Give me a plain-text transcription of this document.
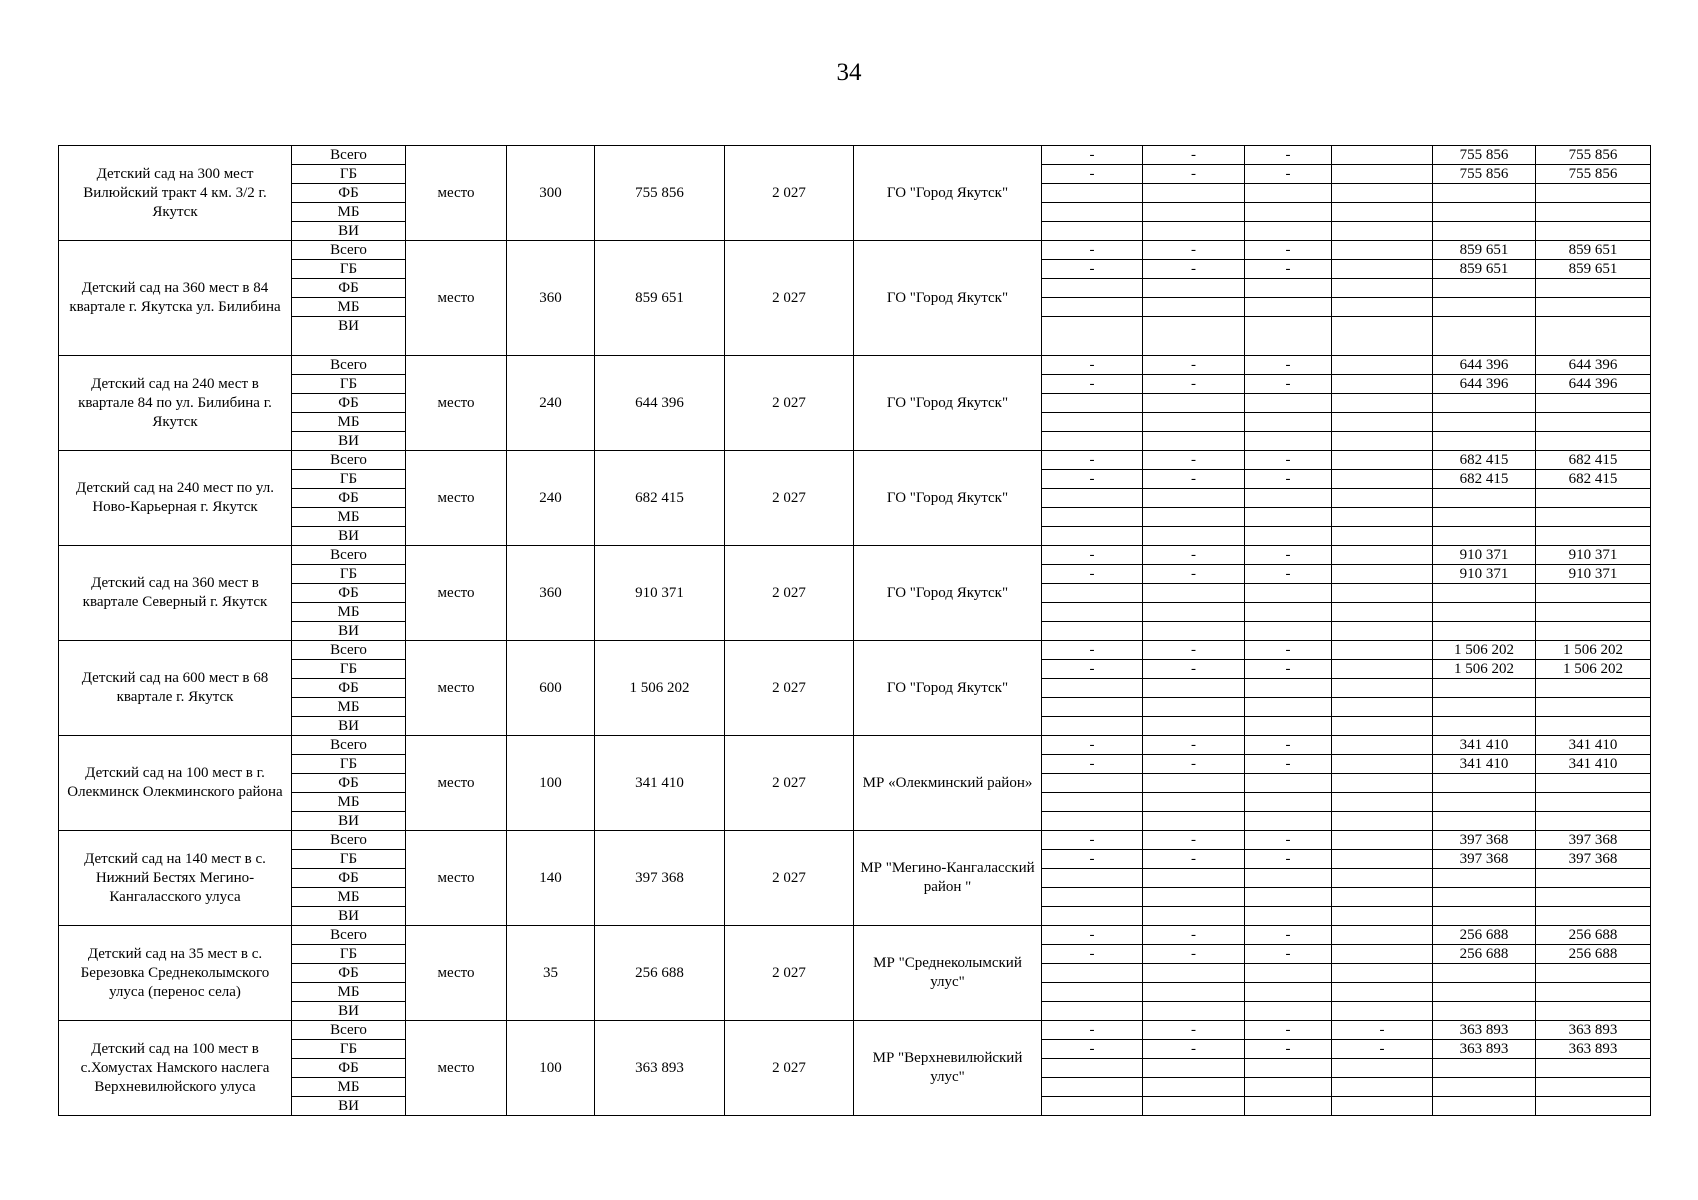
34
Детский сад на 300 мест Вилюйский тракт 4 км. 3/2 г. Якутск	Всего	место	300	755 856	2 027	ГО "Город Якутск"	-	-	-		755 856	755 856
	ГБ						-	-	-		755 856	755 856
	ФБ											
	МБ											
	ВИ											
Детский сад на 360 мест в 84 квартале г. Якутска ул. Билибина	Всего	место	360	859 651	2 027	ГО "Город Якутск"	-	-	-		859 651	859 651
	ГБ						-	-	-		859 651	859 651
	ФБ											
	МБ											
	ВИ											
Детский сад на 240 мест в квартале 84 по ул. Билибина г. Якутск	Всего	место	240	644 396	2 027	ГО "Город Якутск"	-	-	-		644 396	644 396
	ГБ						-	-	-		644 396	644 396
	ФБ											
	МБ											
	ВИ											
Детский сад на 240 мест по ул. Ново-Карьерная г. Якутск	Всего	место	240	682 415	2 027	ГО "Город Якутск"	-	-	-		682 415	682 415
	ГБ						-	-	-		682 415	682 415
	ФБ											
	МБ											
	ВИ											
Детский сад на 360 мест в квартале Северный г. Якутск	Всего	место	360	910 371	2 027	ГО "Город Якутск"	-	-	-		910 371	910 371
	ГБ						-	-	-		910 371	910 371
	ФБ											
	МБ											
	ВИ											
Детский сад на 600 мест в 68 квартале г. Якутск	Всего	место	600	1 506 202	2 027	ГО "Город Якутск"	-	-	-		1 506 202	1 506 202
	ГБ						-	-	-		1 506 202	1 506 202
	ФБ											
	МБ											
	ВИ											
Детский сад на 100 мест в г. Олекминск Олекминского района	Всего	место	100	341 410	2 027	МР «Олекминский район»	-	-	-		341 410	341 410
	ГБ						-	-	-		341 410	341 410
	ФБ											
	МБ											
	ВИ											
Детский сад на 140 мест в с. Нижний Бестях Мегино-Кангаласского улуса	Всего	место	140	397 368	2 027	МР "Мегино-Кангаласский район "	-	-	-		397 368	397 368
	ГБ						-	-	-		397 368	397 368
	ФБ											
	МБ											
	ВИ											
Детский сад на 35 мест в с. Березовка Среднеколымского улуса (перенос села)	Всего	место	35	256 688	2 027	МР "Среднеколымский улус"	-	-	-		256 688	256 688
	ГБ						-	-	-		256 688	256 688
	ФБ											
	МБ											
	ВИ											
Детский сад на 100 мест в с.Хомустах Намского наслега Верхневилюйского улуса	Всего	место	100	363 893	2 027	МР "Верхневилюйский улус"	-	-	-	-	363 893	363 893
	ГБ						-	-	-	-	363 893	363 893
	ФБ											
	МБ											
	ВИ											
